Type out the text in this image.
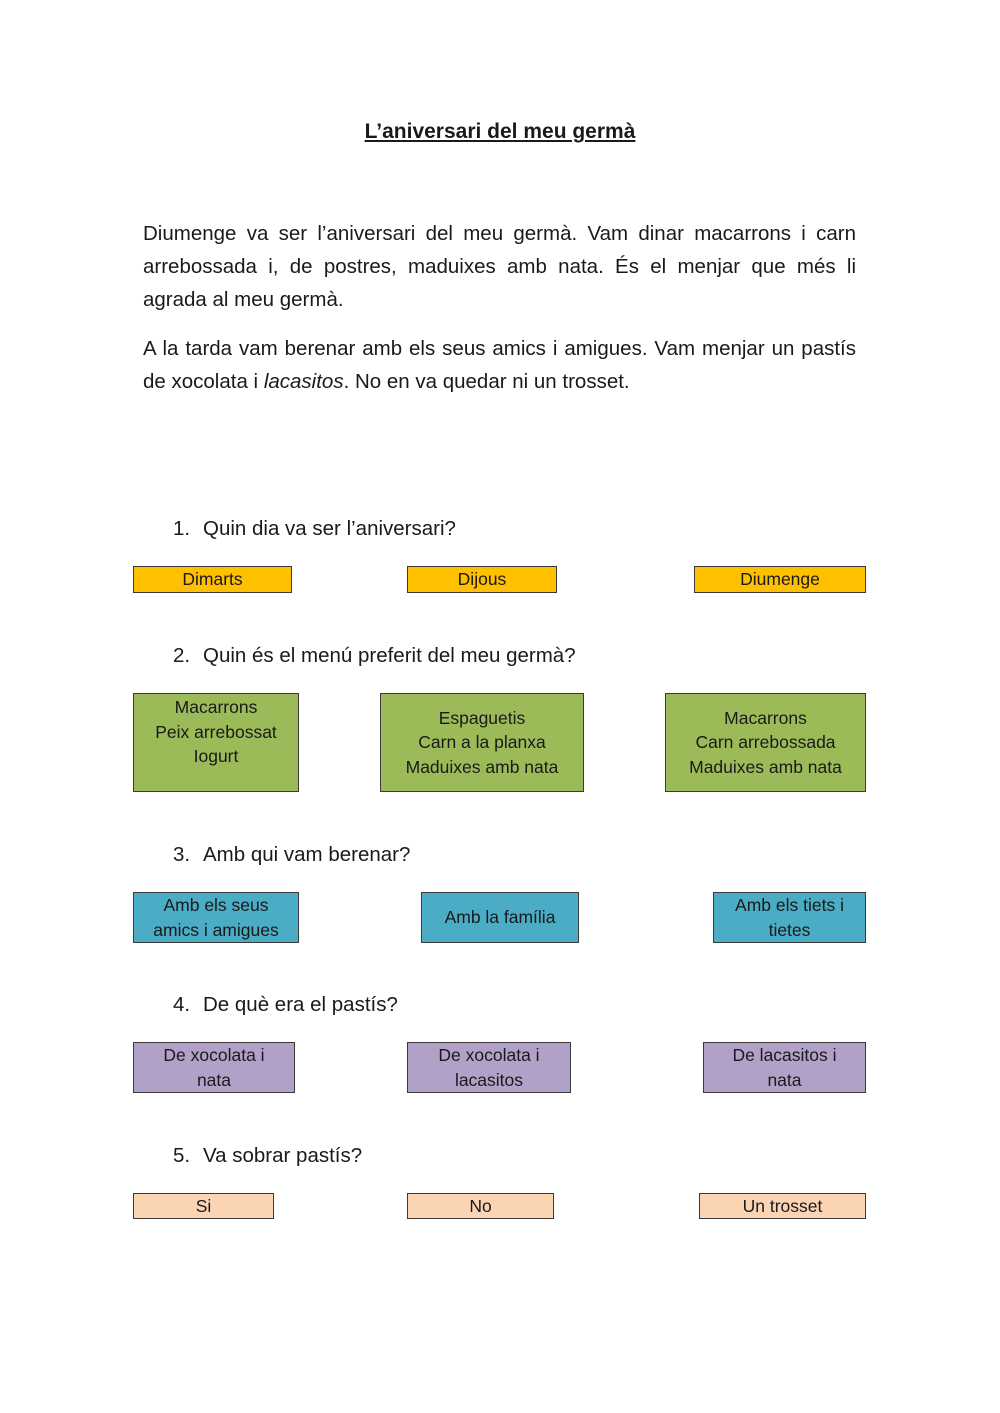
L’aniversari del meu germà
Diumenge va ser l’aniversari del meu germà. Vam dinar macarrons i carn arrebossada i, de postres, maduixes amb nata. És el menjar que més li agrada al meu germà.
A la tarda vam berenar amb els seus amics i amigues. Vam menjar un pastís de xocolata i lacasitos. No en va quedar ni un trosset.
1. Quin dia va ser l’aniversari?
Dimarts	Dijous	Diumenge
2. Quin és el menú preferit del meu germà?
Macarrons
Peix arrebossat
Iogurt
Espaguetis
Carn a la planxa
Maduixes amb nata
Macarrons
Carn arrebossada
Maduixes amb nata
3. Amb qui vam berenar?
Amb els seus
amics i amigues
Amb la família
Amb els tiets i
tietes
4. De què era el pastís?
De xocolata i
nata
De xocolata i
lacasitos
De lacasitos i
nata
5. Va sobrar pastís?
Si	No	Un trosset
